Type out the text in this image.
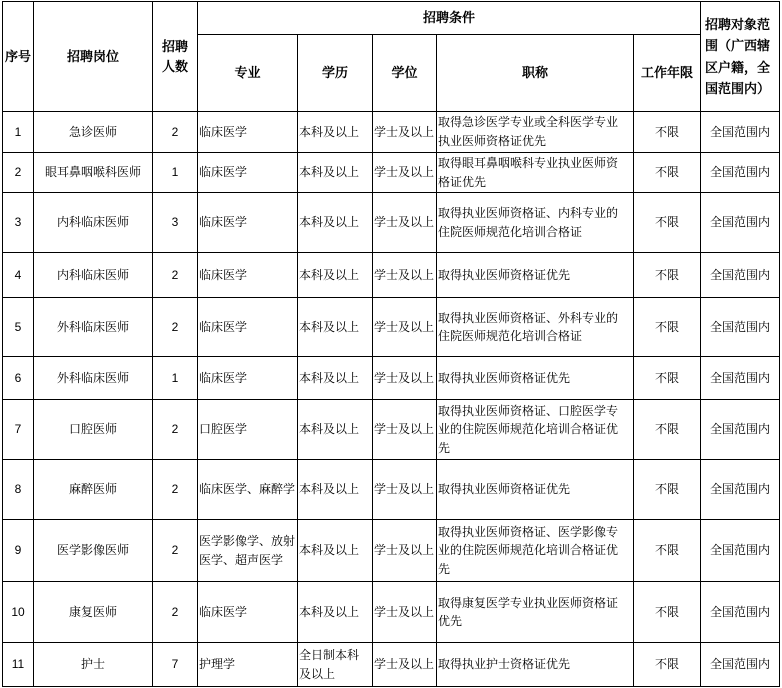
序号	招聘岗位	招聘人数	招聘条件					招聘对象范围（广西辖区户籍，全国范围内）
			专业	学历	学位	职称	工作年限	
1	急诊医师	2	临床医学	本科及以上	学士及以上	取得急诊医学专业或全科医学专业执业医师资格证优先	不限	全国范围内
2	眼耳鼻咽喉科医师	1	临床医学	本科及以上	学士及以上	取得眼耳鼻咽喉科专业执业医师资格证优先	不限	全国范围内
3	内科临床医师	3	临床医学	本科及以上	学士及以上	取得执业医师资格证、内科专业的住院医师规范化培训合格证	不限	全国范围内
4	内科临床医师	2	临床医学	本科及以上	学士及以上	取得执业医师资格证优先	不限	全国范围内
5	外科临床医师	2	临床医学	本科及以上	学士及以上	取得执业医师资格证、外科专业的住院医师规范化培训合格证	不限	全国范围内
6	外科临床医师	1	临床医学	本科及以上	学士及以上	取得执业医师资格证优先	不限	全国范围内
7	口腔医师	2	口腔医学	本科及以上	学士及以上	取得执业医师资格证、口腔医学专业的住院医师规范化培训合格证优先	不限	全国范围内
8	麻醉医师	2	临床医学、麻醉学	本科及以上	学士及以上	取得执业医师资格证优先	不限	全国范围内
9	医学影像医师	2	医学影像学、放射医学、超声医学	本科及以上	学士及以上	取得执业医师资格证、医学影像专业的住院医师规范化培训合格证优先	不限	全国范围内
10	康复医师	2	临床医学	本科及以上	学士及以上	取得康复医学专业执业医师资格证优先	不限	全国范围内
11	护士	7	护理学	全日制本科及以上	学士及以上	取得执业护士资格证优先	不限	全国范围内
